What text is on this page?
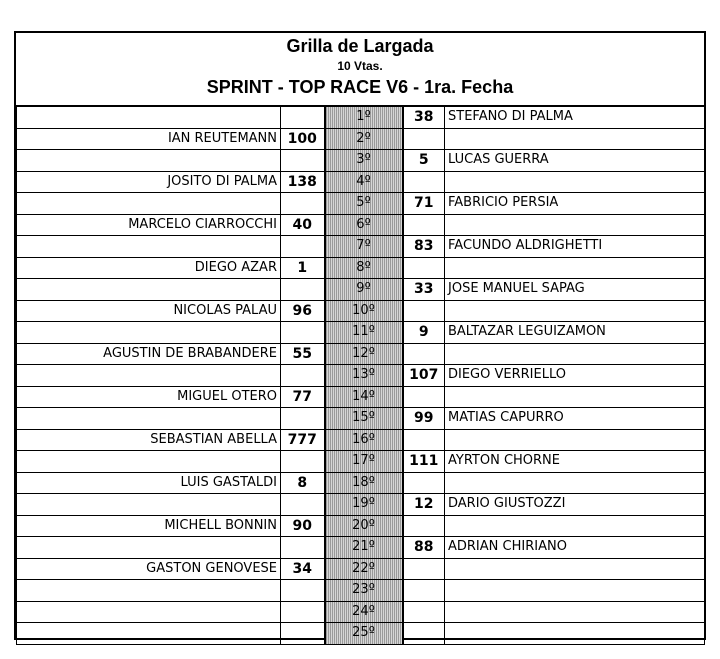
Grilla de Largada
10 Vtas.
SPRINT - TOP RACE V6 - 1ra. Fecha
		1º	38	STEFANO DI PALMA
IAN REUTEMANN	100	2º		
		3º	5	LUCAS GUERRA
JOSITO DI PALMA	138	4º		
		5º	71	FABRICIO PERSIA
MARCELO CIARROCCHI	40	6º		
		7º	83	FACUNDO ALDRIGHETTI
DIEGO AZAR	1	8º		
		9º	33	JOSE MANUEL SAPAG
NICOLAS PALAU	96	10º		
		11º	9	BALTAZAR LEGUIZAMON
AGUSTIN DE BRABANDERE	55	12º		
		13º	107	DIEGO VERRIELLO
MIGUEL OTERO	77	14º		
		15º	99	MATIAS CAPURRO
SEBASTIAN ABELLA	777	16º		
		17º	111	AYRTON CHORNE
LUIS GASTALDI	8	18º		
		19º	12	DARIO GIUSTOZZI
MICHELL BONNIN	90	20º		
		21º	88	ADRIAN CHIRIANO
GASTON GENOVESE	34	22º		
		23º		
		24º		
		25º		
